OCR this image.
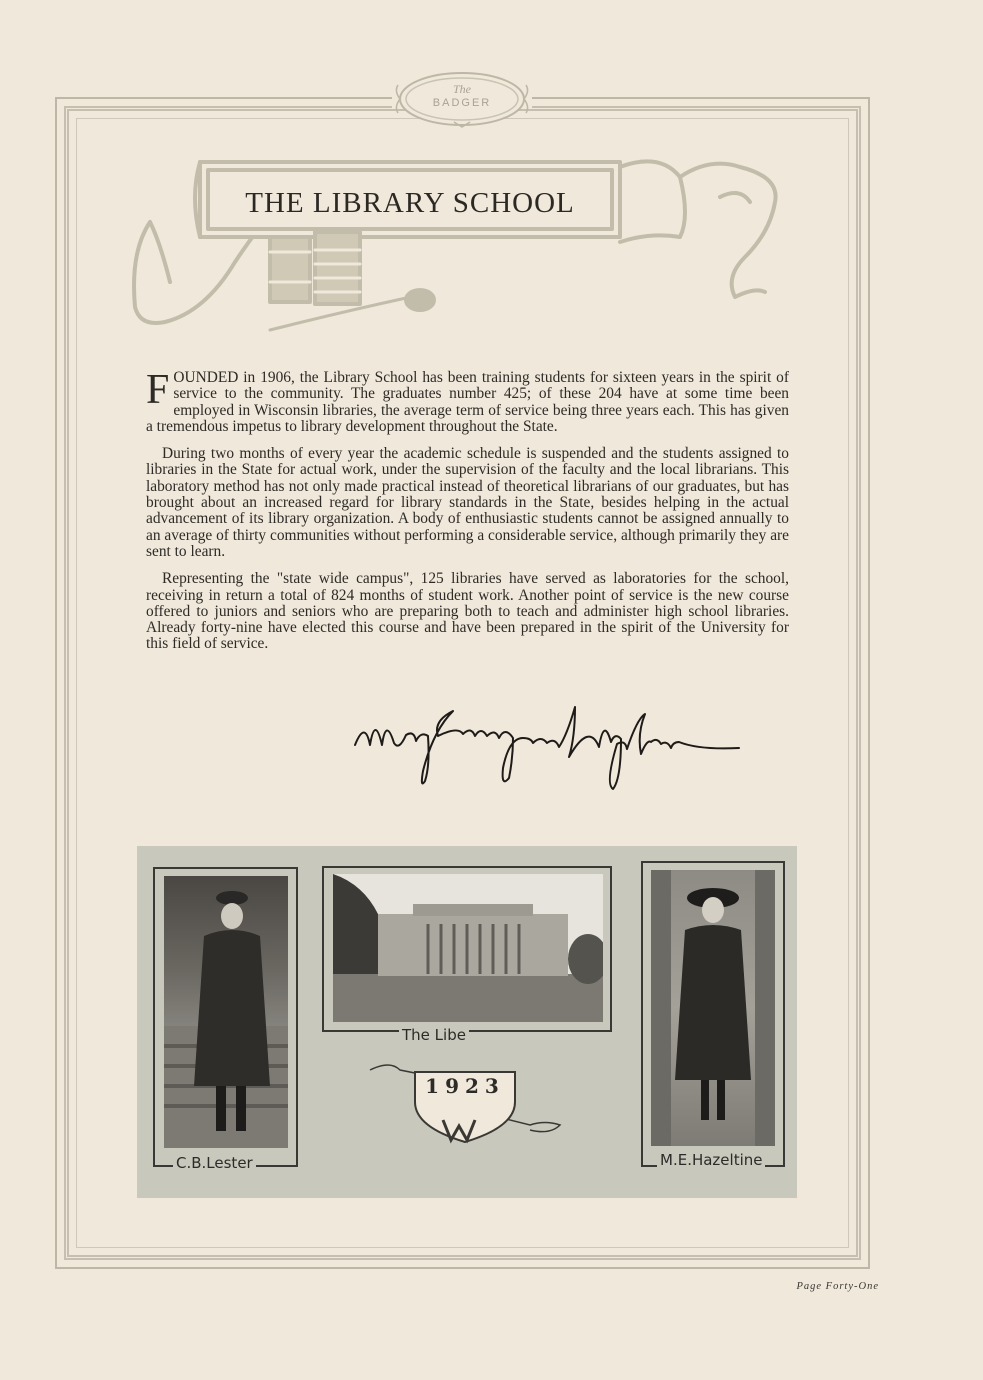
The
BADGER
THE LIBRARY SCHOOL

FOUNDED in 1906, the Library School has been training students for sixteen years in the spirit of service to the community. The graduates number 425; of these 204 have at some time been employed in Wisconsin libraries, the average term of service being three years each. This has given a tremendous impetus to library development throughout the State.

During two months of every year the academic schedule is suspended and the students assigned to libraries in the State for actual work, under the supervision of the faculty and the local librarians. This laboratory method has not only made practical instead of theoretical librarians of our graduates, but has brought about an increased regard for library standards in the State, besides helping in the actual advancement of its library organization. A body of enthusiastic students cannot be assigned annually to an average of thirty communities without performing a considerable service, although primarily they are sent to learn.

Representing the "state wide campus", 125 libraries have served as laboratories for the school, receiving in return a total of 824 months of student work. Another point of service is the new course offered to juniors and seniors who are preparing both to teach and administer high school libraries. Already forty-nine have elected this course and have been prepared in the spirit of the University for this field of service.

C.B.Lester
The Libe
1923
M.E.Hazeltine
Page Forty-One
